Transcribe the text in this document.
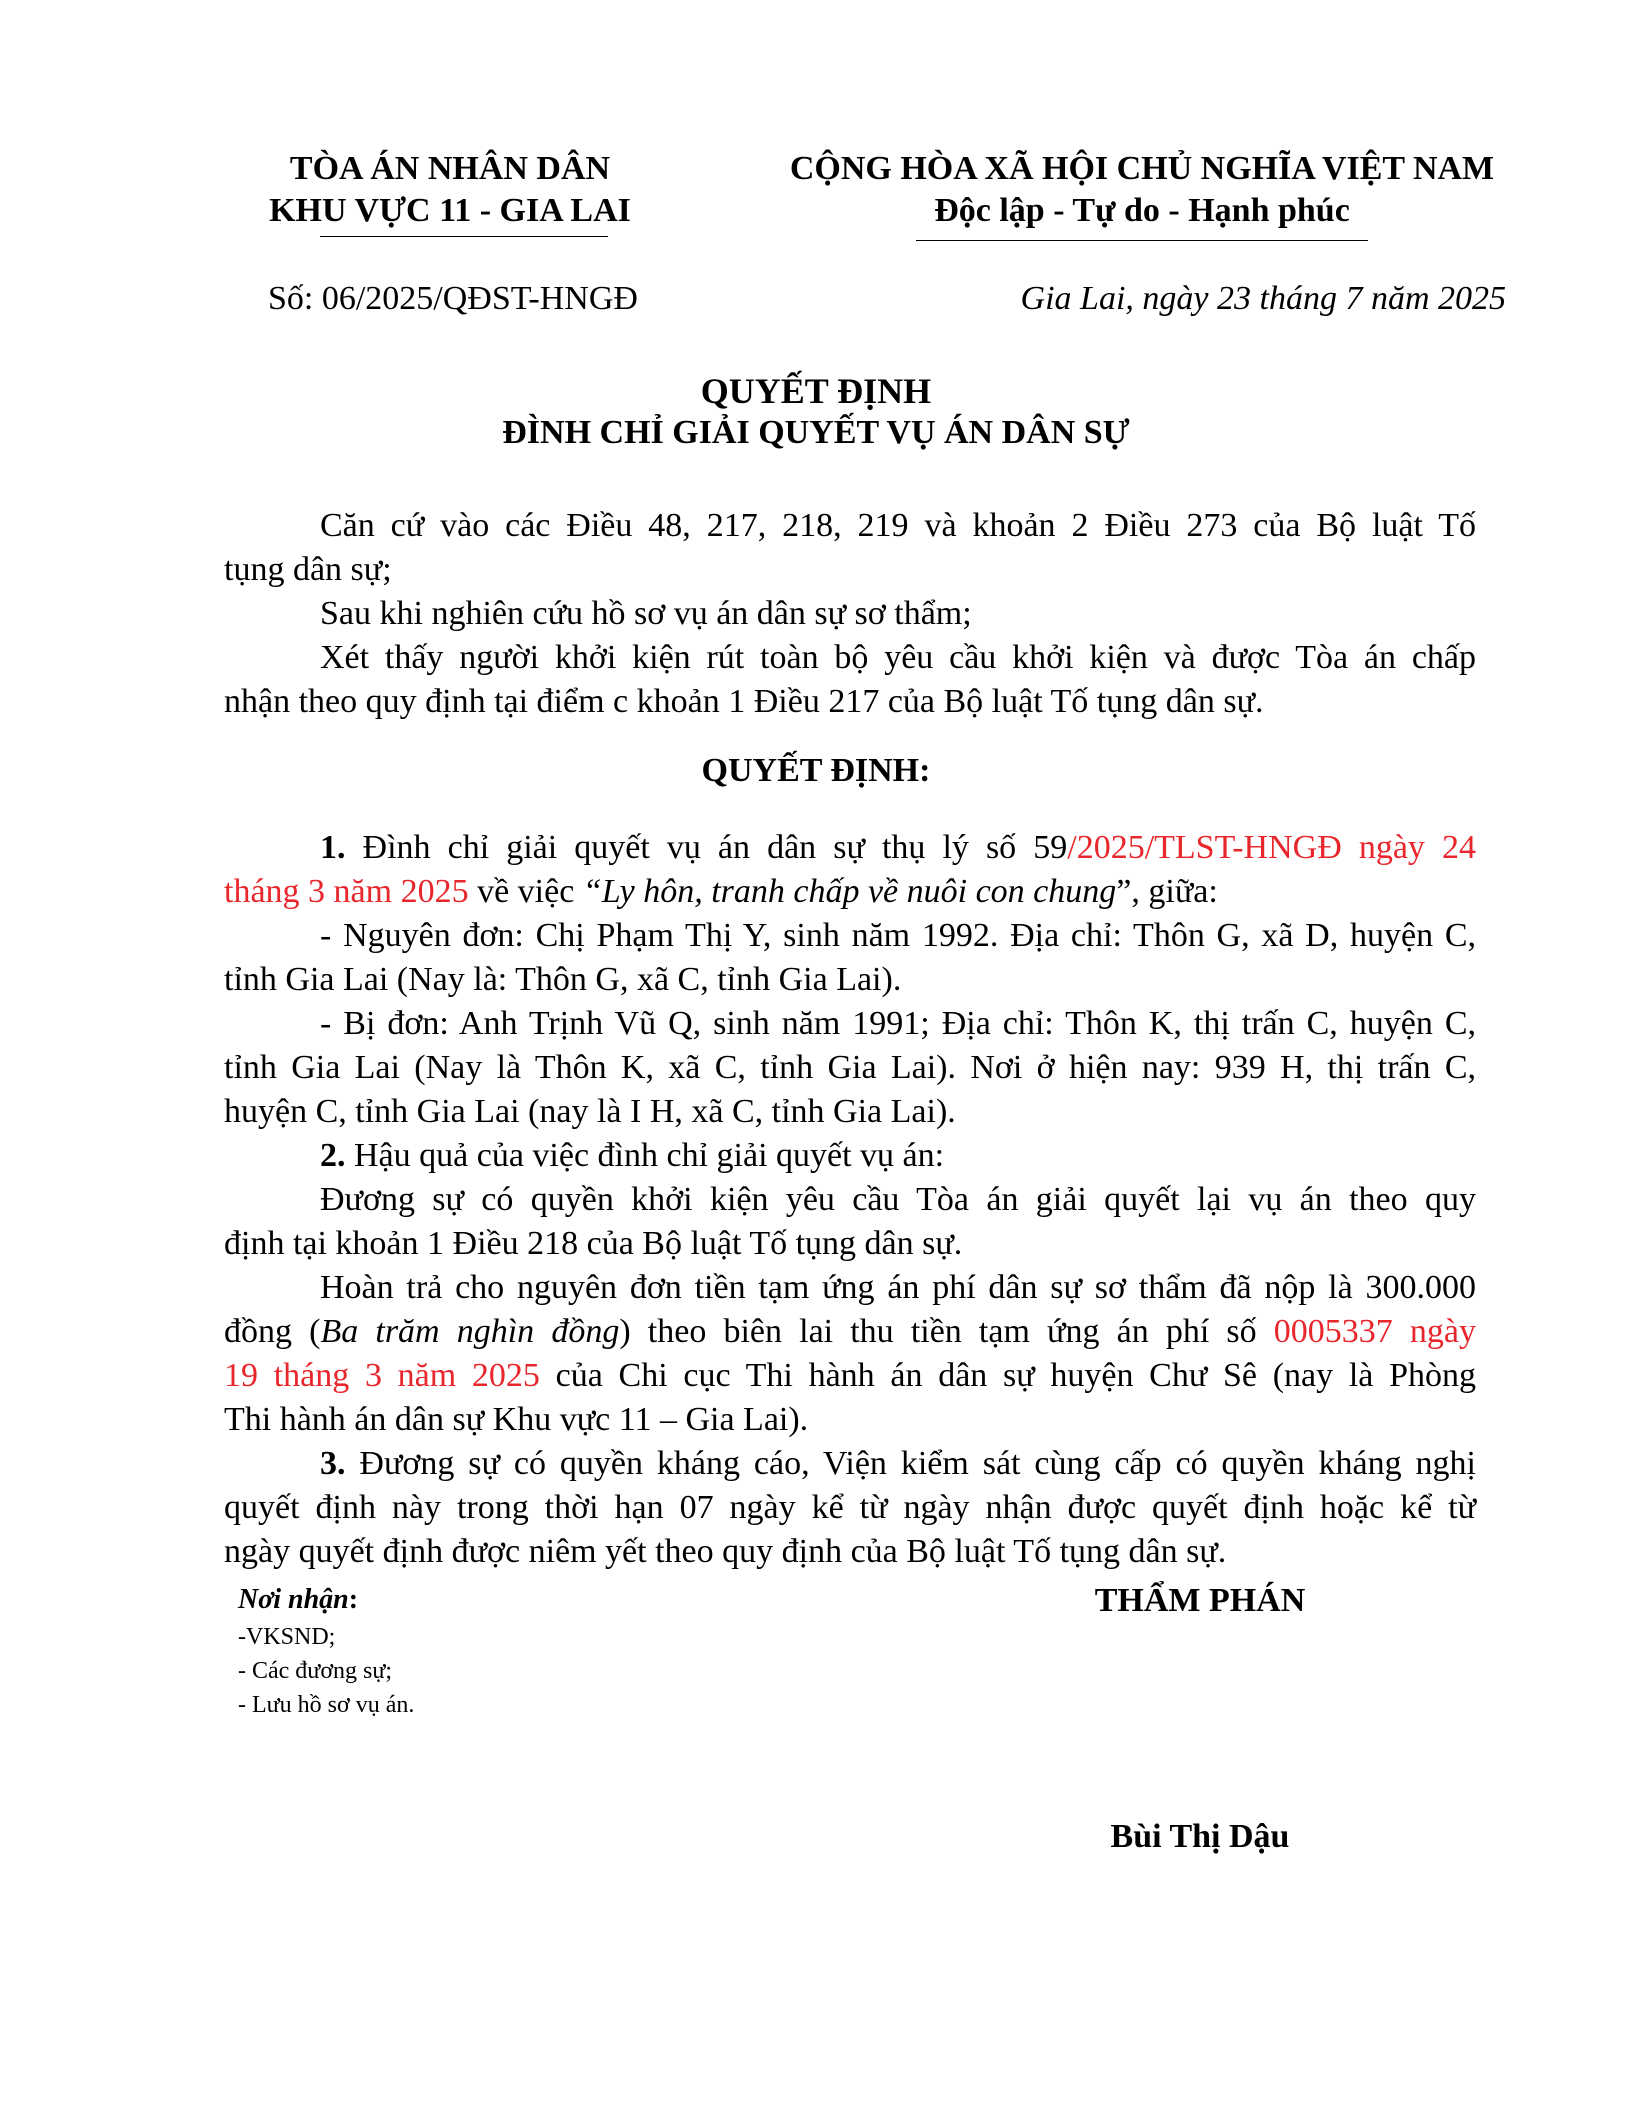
TÒA ÁN NHÂN DÂN
KHU VỰC 11 - GIA LAI
CỘNG HÒA XÃ HỘI CHỦ NGHĨA VIỆT NAM
Độc lập - Tự do - Hạnh phúc
Số: 06/2025/QĐST-HNGĐ	Gia Lai, ngày 23 tháng 7 năm 2025
QUYẾT ĐỊNH
ĐÌNH CHỈ GIẢI QUYẾT VỤ ÁN DÂN SỰ
Căn cứ vào các Điều 48, 217, 218, 219 và khoản 2 Điều 273 của Bộ luật Tố
tụng dân sự;
Sau khi nghiên cứu hồ sơ vụ án dân sự sơ thẩm;
Xét thấy người khởi kiện rút toàn bộ yêu cầu khởi kiện và được Tòa án chấp
nhận theo quy định tại điểm c khoản 1 Điều 217 của Bộ luật Tố tụng dân sự.
QUYẾT ĐỊNH:
1. Đình chỉ giải quyết vụ án dân sự thụ lý số 59/2025/TLST-HNGĐ ngày 24
tháng 3 năm 2025 về việc “Ly hôn, tranh chấp về nuôi con chung”, giữa:
- Nguyên đơn: Chị Phạm Thị Y, sinh năm 1992. Địa chỉ: Thôn G, xã D, huyện C,
tỉnh Gia Lai (Nay là: Thôn G, xã C, tỉnh Gia Lai).
- Bị đơn: Anh Trịnh Vũ Q, sinh năm 1991; Địa chỉ: Thôn K, thị trấn C, huyện C,
tỉnh Gia Lai (Nay là Thôn K, xã C, tỉnh Gia Lai). Nơi ở hiện nay: 939 H, thị trấn C,
huyện C, tỉnh Gia Lai (nay là I H, xã C, tỉnh Gia Lai).
2. Hậu quả của việc đình chỉ giải quyết vụ án:
Đương sự có quyền khởi kiện yêu cầu Tòa án giải quyết lại vụ án theo quy
định tại khoản 1 Điều 218 của Bộ luật Tố tụng dân sự.
Hoàn trả cho nguyên đơn tiền tạm ứng án phí dân sự sơ thẩm đã nộp là 300.000
đồng (Ba trăm nghìn đồng) theo biên lai thu tiền tạm ứng án phí số 0005337 ngày
19 tháng 3 năm 2025 của Chi cục Thi hành án dân sự huyện Chư Sê (nay là Phòng
Thi hành án dân sự Khu vực 11 – Gia Lai).
3. Đương sự có quyền kháng cáo, Viện kiểm sát cùng cấp có quyền kháng nghị
quyết định này trong thời hạn 07 ngày kể từ ngày nhận được quyết định hoặc kể từ
ngày quyết định được niêm yết theo quy định của Bộ luật Tố tụng dân sự.
Nơi nhận:
-VKSND;
- Các đương sự;
- Lưu hồ sơ vụ án.
THẨM PHÁN
Bùi Thị Dậu
